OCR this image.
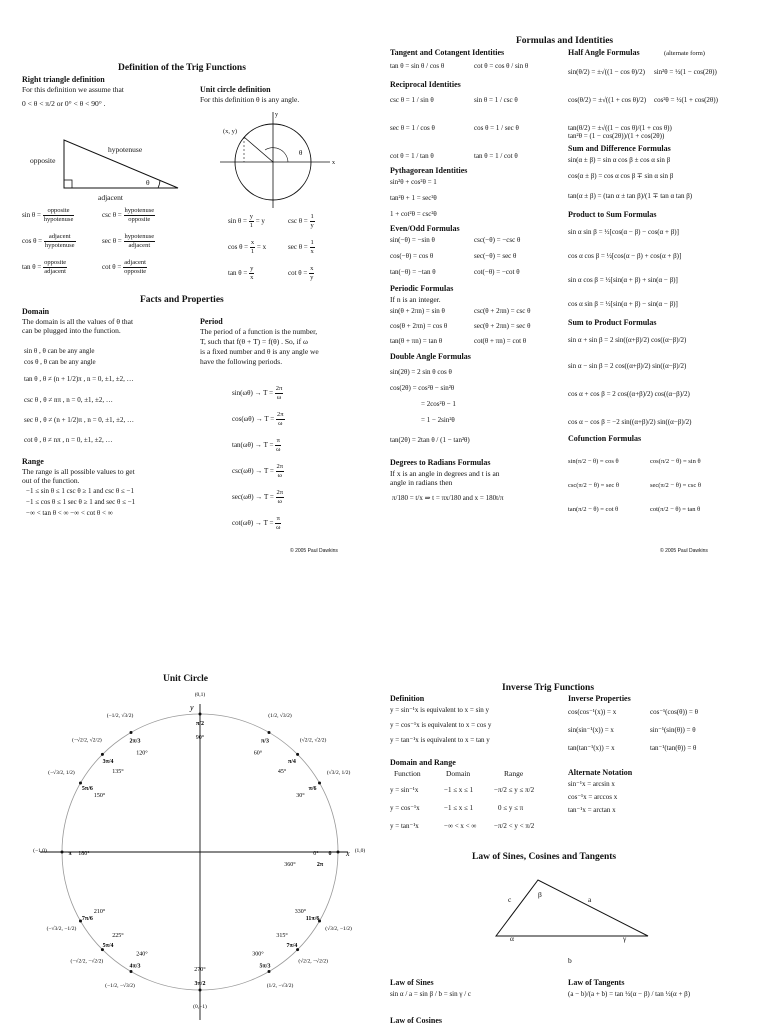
Definition of the Trig Functions
Right triangle definition
For this definition we assume that
0 < θ < π/2 or 0° < θ < 90° .
opposite
hypotenuse
adjacent
θ
$\sin \theta = \frac{\text{opposite}}{\text{hypotenuse}}$	$\csc \theta = \frac{\text{hypotenuse}}{\text{opposite}}$
$\cos \theta = \frac{\text{adjacent}}{\text{hypotenuse}}$	$\sec \theta = \frac{\text{hypotenuse}}{\text{adjacent}}$
$\tan \theta = \frac{\text{opposite}}{\text{adjacent}}$	$\cot \theta = \frac{\text{adjacent}}{\text{opposite}}$
Unit circle definition
For this definition θ is any angle.
θ
x
y
(x, y)
$\sin \theta = \frac{y}{1} = y$	$\csc \theta = \frac{1}{y}$
$\cos \theta = \frac{x}{1} = x$	$\sec \theta = \frac{1}{x}$
$\tan \theta = \frac{y}{x}$	$\cot \theta = \frac{x}{y}$
Facts and Properties
Domain
The domain is all the values of θ that
can be plugged into the function.
sin θ , θ can be any angle
cos θ , θ can be any angle
tan θ , θ ≠ (n + 1/2)π , n = 0, ±1, ±2, …
csc θ , θ ≠ nπ , n = 0, ±1, ±2, …
sec θ , θ ≠ (n + 1/2)π , n = 0, ±1, ±2, …
cot θ , θ ≠ nπ , n = 0, ±1, ±2, …
Range
The range is all possible values to get
out of the function.
−1 ≤ sin θ ≤ 1 csc θ ≥ 1 and csc θ ≤ −1
−1 ≤ cos θ ≤ 1 sec θ ≥ 1 and sec θ ≤ −1
−∞ < tan θ < ∞ −∞ < cot θ < ∞
Period
The period of a function is the number,
T, such that f(θ + T) = f(θ) . So, if ω
is a fixed number and θ is any angle we
have the following periods.
$\sin(\omega\theta) \to T = \frac{2\pi}{\omega}$
$\cos(\omega\theta) \to T = \frac{2\pi}{\omega}$
$\tan(\omega\theta) \to T = \frac{\pi}{\omega}$
$\csc(\omega\theta) \to T = \frac{2\pi}{\omega}$
$\sec(\omega\theta) \to T = \frac{2\pi}{\omega}$
$\cot(\omega\theta) \to T = \frac{\pi}{\omega}$
© 2005 Paul Dawkins
Formulas and Identities
Tangent and Cotangent Identities
tan θ = sin θ / cos θ	cot θ = cos θ / sin θ
Reciprocal Identities
csc θ = 1 / sin θ	sin θ = 1 / csc θ
sec θ = 1 / cos θ	cos θ = 1 / sec θ
cot θ = 1 / tan θ	tan θ = 1 / cot θ
Pythagorean Identities
sin²θ + cos²θ = 1
tan²θ + 1 = sec²θ
1 + cot²θ = csc²θ
Even/Odd Formulas
sin(−θ) = −sin θ	csc(−θ) = −csc θ
cos(−θ) = cos θ	sec(−θ) = sec θ
tan(−θ) = −tan θ	cot(−θ) = −cot θ
Periodic Formulas
If n is an integer.
sin(θ + 2πn) = sin θ	csc(θ + 2πn) = csc θ
cos(θ + 2πn) = cos θ	sec(θ + 2πn) = sec θ
tan(θ + πn) = tan θ	cot(θ + πn) = cot θ
Double Angle Formulas
sin(2θ) = 2 sin θ cos θ
cos(2θ) = cos²θ − sin²θ
= 2cos²θ − 1
= 1 − 2sin²θ
tan(2θ) = 2tan θ / (1 − tan²θ)
Degrees to Radians Formulas
If x is an angle in degrees and t is an
angle in radians then
π/180 = t/x ⇒ t = πx/180 and x = 180t/π
Half Angle Formulas	(alternate form)
sin(θ/2) = ±√((1 − cos θ)/2) sin²θ = ½(1 − cos(2θ))
cos(θ/2) = ±√((1 + cos θ)/2) cos²θ = ½(1 + cos(2θ))
tan(θ/2) = ±√((1 − cos θ)/(1 + cos θ))
tan²θ = (1 − cos(2θ))/(1 + cos(2θ))
Sum and Difference Formulas
sin(α ± β) = sin α cos β ± cos α sin β
cos(α ± β) = cos α cos β ∓ sin α sin β
tan(α ± β) = (tan α ± tan β)/(1 ∓ tan α tan β)
Product to Sum Formulas
sin α sin β = ½[cos(α − β) − cos(α + β)]
cos α cos β = ½[cos(α − β) + cos(α + β)]
sin α cos β = ½[sin(α + β) + sin(α − β)]
cos α sin β = ½[sin(α + β) − sin(α − β)]
Sum to Product Formulas
sin α + sin β = 2 sin((α+β)/2) cos((α−β)/2)
sin α − sin β = 2 cos((α+β)/2) sin((α−β)/2)
cos α + cos β = 2 cos((α+β)/2) cos((α−β)/2)
cos α − cos β = −2 sin((α+β)/2) sin((α−β)/2)
Cofunction Formulas
sin(π/2 − θ) = cos θ	cos(π/2 − θ) = sin θ
csc(π/2 − θ) = sec θ	sec(π/2 − θ) = csc θ
tan(π/2 − θ) = cot θ	cot(π/2 − θ) = tan θ
© 2005 Paul Dawkins
Unit Circle
x
y
(1,0)
0° 0
(√3/2, 1/2)
30°
π/6
(√2/2, √2/2)
45°
π/4
(1/2, √3/2)
60°
π/3
(0,1)
90°
π/2
(−1/2, √3/2)
120°
2π/3
(−√2/2, √2/2)
135°
3π/4
(−√3/2, 1/2)
150°
5π/6
(−1,0)	180°
π
(−√3/2, −1/2)
210°
7π/6
(−√2/2, −√2/2)
225°
5π/4
(−1/2, −√3/2)
240°
4π/3
(0,−1)
270°
3π/2	(1/2, −√3/2)
300°
5π/3
(√2/2, −√2/2)
315°
7π/4
(√3/2, −1/2)
330°
11π/6
360°	2π
Inverse Trig Functions
Definition
y = sin⁻¹x is equivalent to x = sin y
y = cos⁻¹x is equivalent to x = cos y
y = tan⁻¹x is equivalent to x = tan y
Domain and Range
Function	Domain	Range
y = sin⁻¹x	−1 ≤ x ≤ 1	−π/2 ≤ y ≤ π/2
y = cos⁻¹x	−1 ≤ x ≤ 1	0 ≤ y ≤ π
y = tan⁻¹x	−∞ < x < ∞	−π/2 < y < π/2
Inverse Properties
cos(cos⁻¹(x)) = x	cos⁻¹(cos(θ)) = θ
sin(sin⁻¹(x)) = x	sin⁻¹(sin(θ)) = θ
tan(tan⁻¹(x)) = x	tan⁻¹(tan(θ)) = θ
Alternate Notation
sin⁻¹x = arcsin x
cos⁻¹x = arccos x
tan⁻¹x = arctan x
Law of Sines, Cosines and Tangents
c	a
b
β
α	γ
Law of Sines
sin α / a = sin β / b = sin γ / c
Law of Cosines
Law of Tangents
(a − b)/(a + b) = tan ½(α − β) / tan ½(α + β)
